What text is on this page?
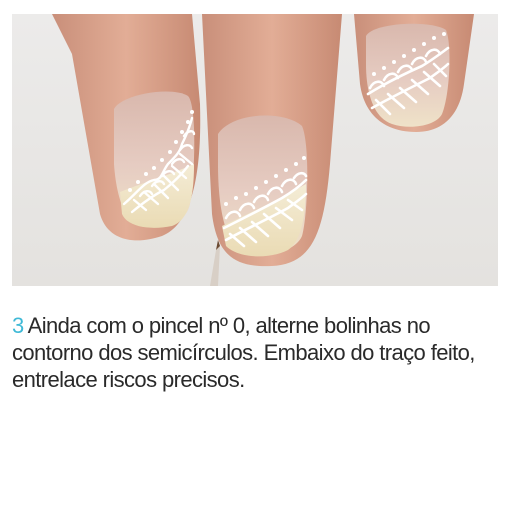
3 Ainda com o pincel nº 0, alterne bolinhas no contorno dos semicírculos. Embaixo do traço feito, entrelace riscos precisos.
